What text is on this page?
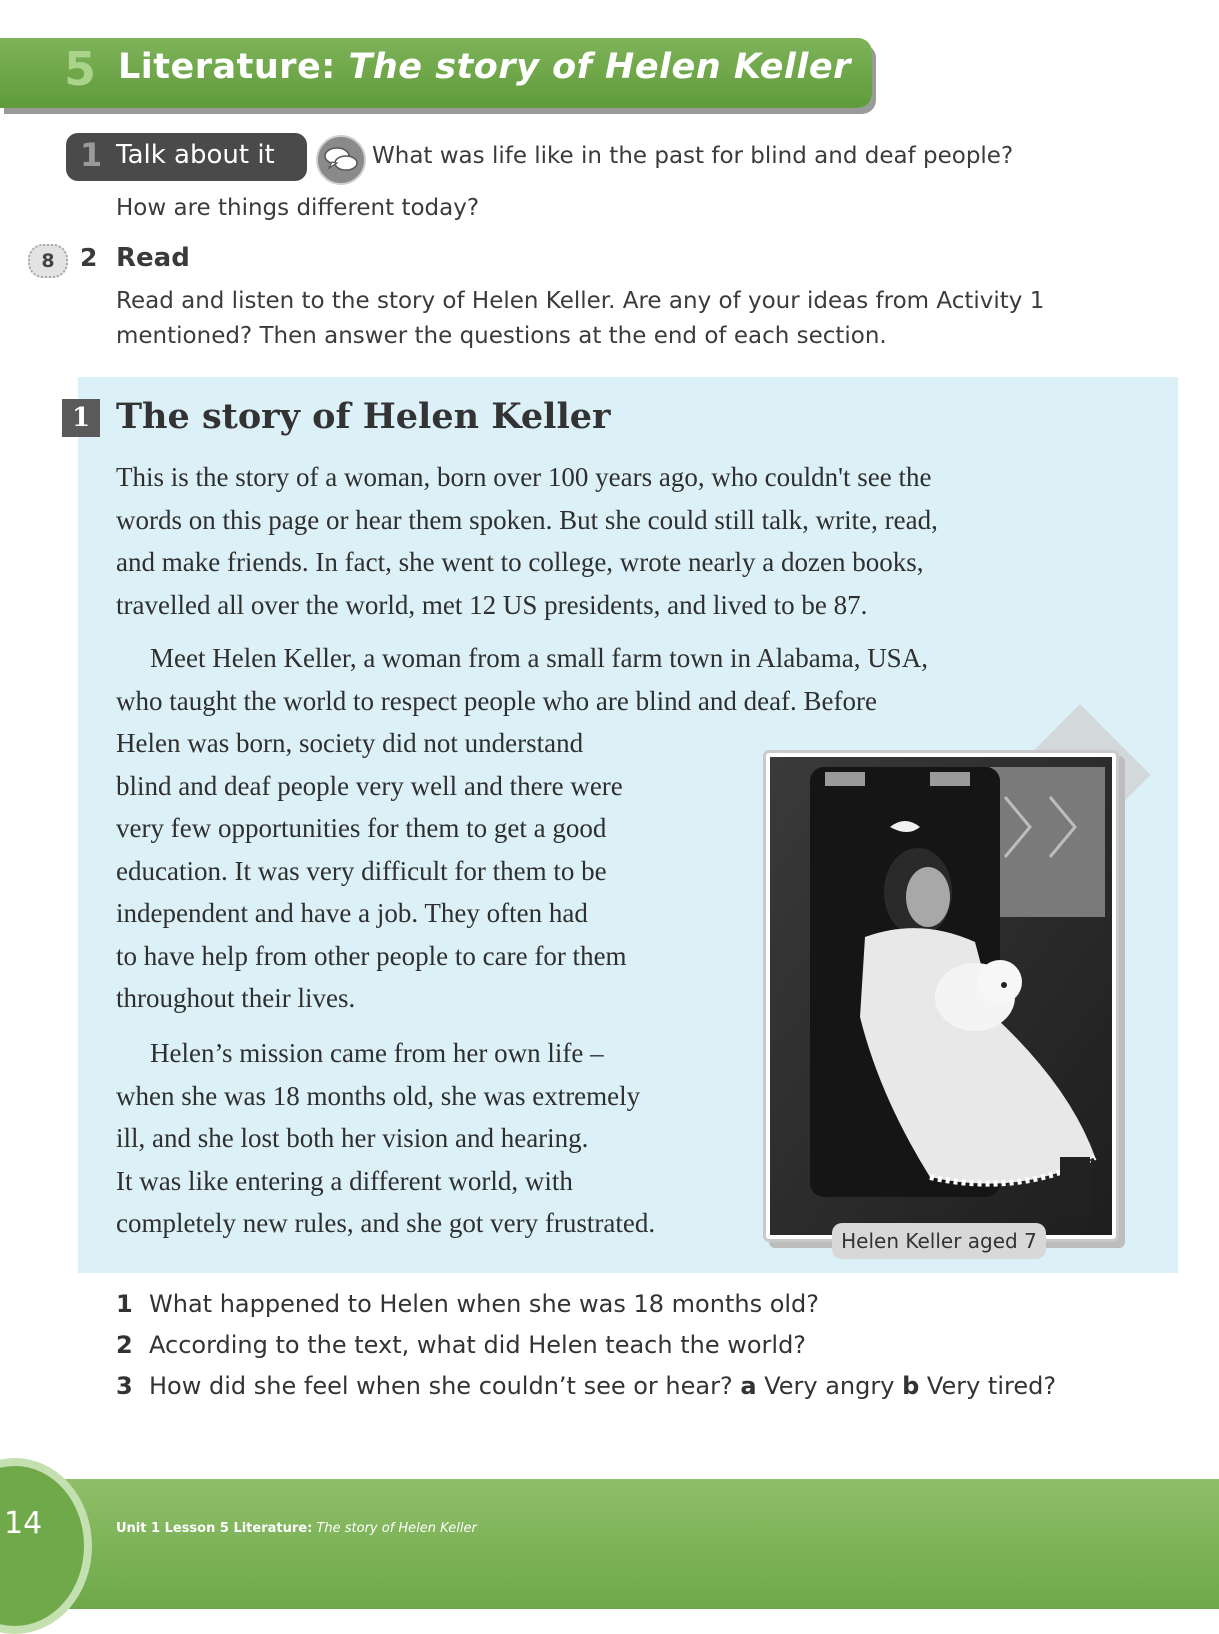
5 Literature: The story of Helen Keller
1 Talk about it	What was life like in the past for blind and deaf people?
How are things different today?
8	2 Read
Read and listen to the story of Helen Keller. Are any of your ideas from Activity 1
mentioned? Then answer the questions at the end of each section.
1 The story of Helen Keller

This is the story of a woman, born over 100 years ago, who couldn't see the
words on this page or hear them spoken. But she could still talk, write, read,
and make friends. In fact, she went to college, wrote nearly a dozen books,
travelled all over the world, met 12 US presidents, and lived to be 87.

Meet Helen Keller, a woman from a small farm town in Alabama, USA,
who taught the world to respect people who are blind and deaf. Before
Helen was born, society did not understand
blind and deaf people very well and there were
very few opportunities for them to get a good
education. It was very difficult for them to be
independent and have a job. They often had
to have help from other people to care for them
throughout their lives.

Helen’s mission came from her own life –
when she was 18 months old, she was extremely
ill, and she lost both her vision and hearing.
It was like entering a different world, with
completely new rules, and she got very frustrated.

Helen Keller aged 7
1 What happened to Helen when she was 18 months old?
2 According to the text, what did Helen teach the world?
3 How did she feel when she couldn’t see or hear? a Very angry b Very tired?
14	Unit 1 Lesson 5 Literature: The story of Helen Keller
